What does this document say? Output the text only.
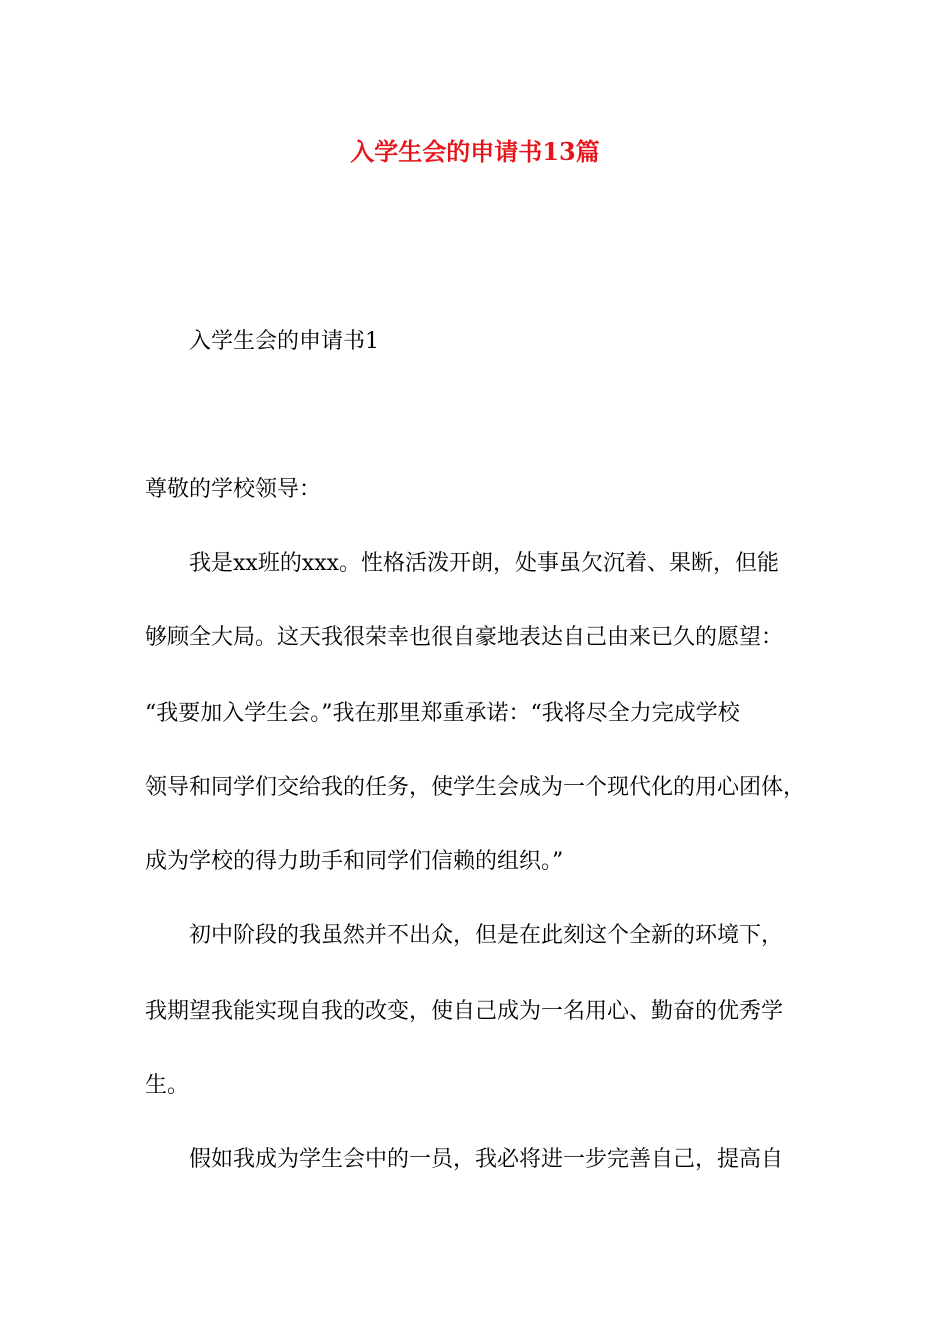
入学生会的申请书13篇
入学生会的申请书1
尊敬的学校领导：
我是xx班的xxx。性格活泼开朗，处事虽欠沉着、果断，但能
够顾全大局。这天我很荣幸也很自豪地表达自己由来已久的愿望：
“我要加入学生会。”我在那里郑重承诺：“我将尽全力完成学校
领导和同学们交给我的任务，使学生会成为一个现代化的用心团体，
成为学校的得力助手和同学们信赖的组织。”
初中阶段的我虽然并不出众，但是在此刻这个全新的环境下，
我期望我能实现自我的改变，使自己成为一名用心、勤奋的优秀学
生。
假如我成为学生会中的一员，我必将进一步完善自己，提高自
